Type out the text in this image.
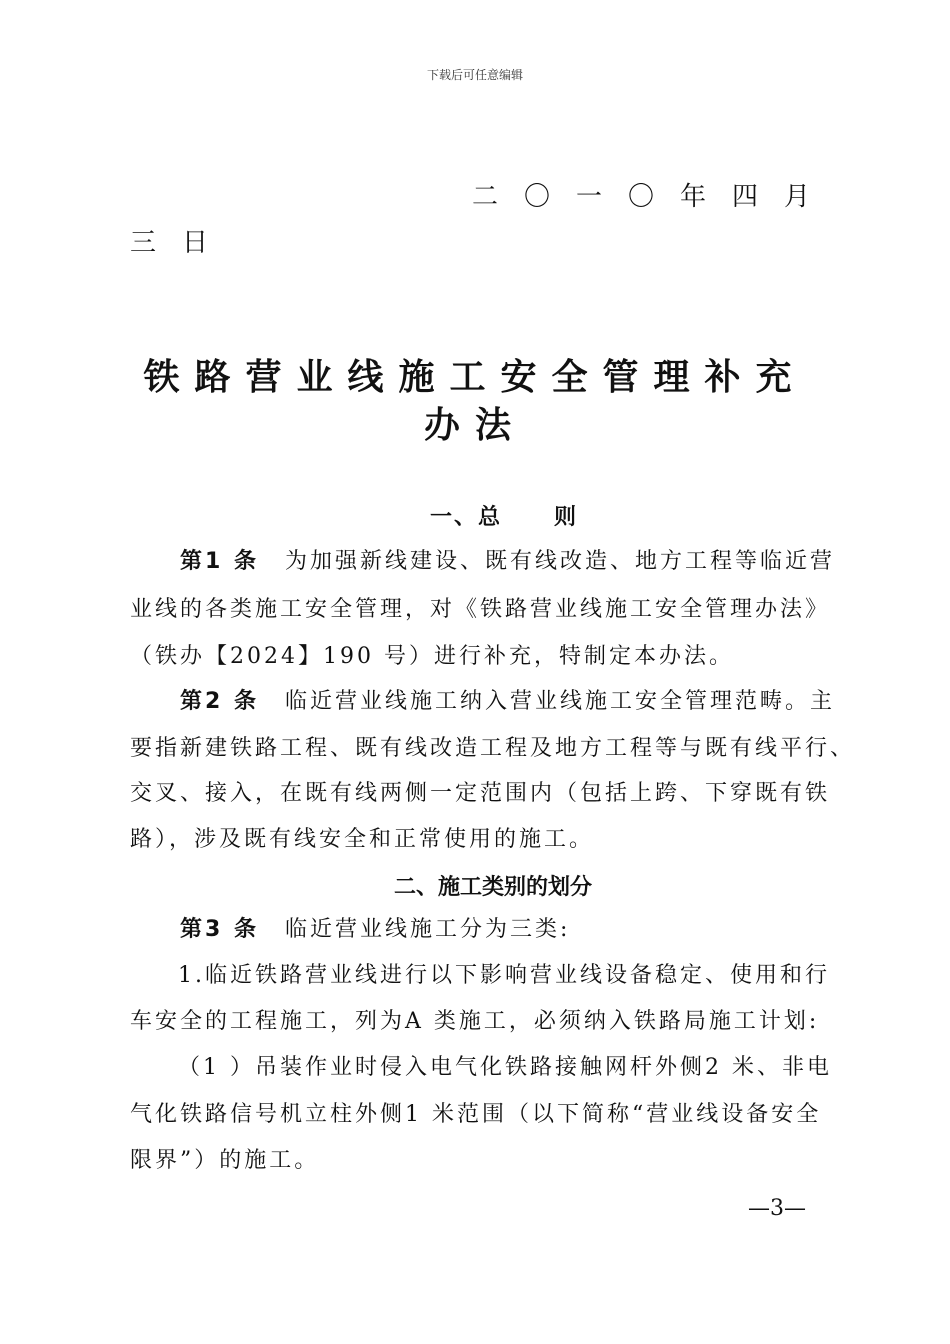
下载后可任意编辑
二〇一〇年四月
三日
铁路营业线施工安全管理补充办法
一、总 则
第1 条 为加强新线建设、既有线改造、地方工程等临近营
业线的各类施工安全管理，对《铁路营业线施工安全管理办法》
（铁办【2024】190 号）进行补充，特制定本办法。
第2 条 临近营业线施工纳入营业线施工安全管理范畴。主
要指新建铁路工程、既有线改造工程及地方工程等与既有线平行、
交叉、接入，在既有线两侧一定范围内（包括上跨、下穿既有铁
路），涉及既有线安全和正常使用的施工。
二、施工类别的划分
第3 条 临近营业线施工分为三类:
1.临近铁路营业线进行以下影响营业线设备稳定、使用和行
车安全的工程施工，列为A 类施工，必须纳入铁路局施工计划:
（1 ）吊装作业时侵入电气化铁路接触网杆外侧2 米、非电
气化铁路信号机立柱外侧1 米范围（以下简称“营业线设备安全
限界”）的施工。
—3—
